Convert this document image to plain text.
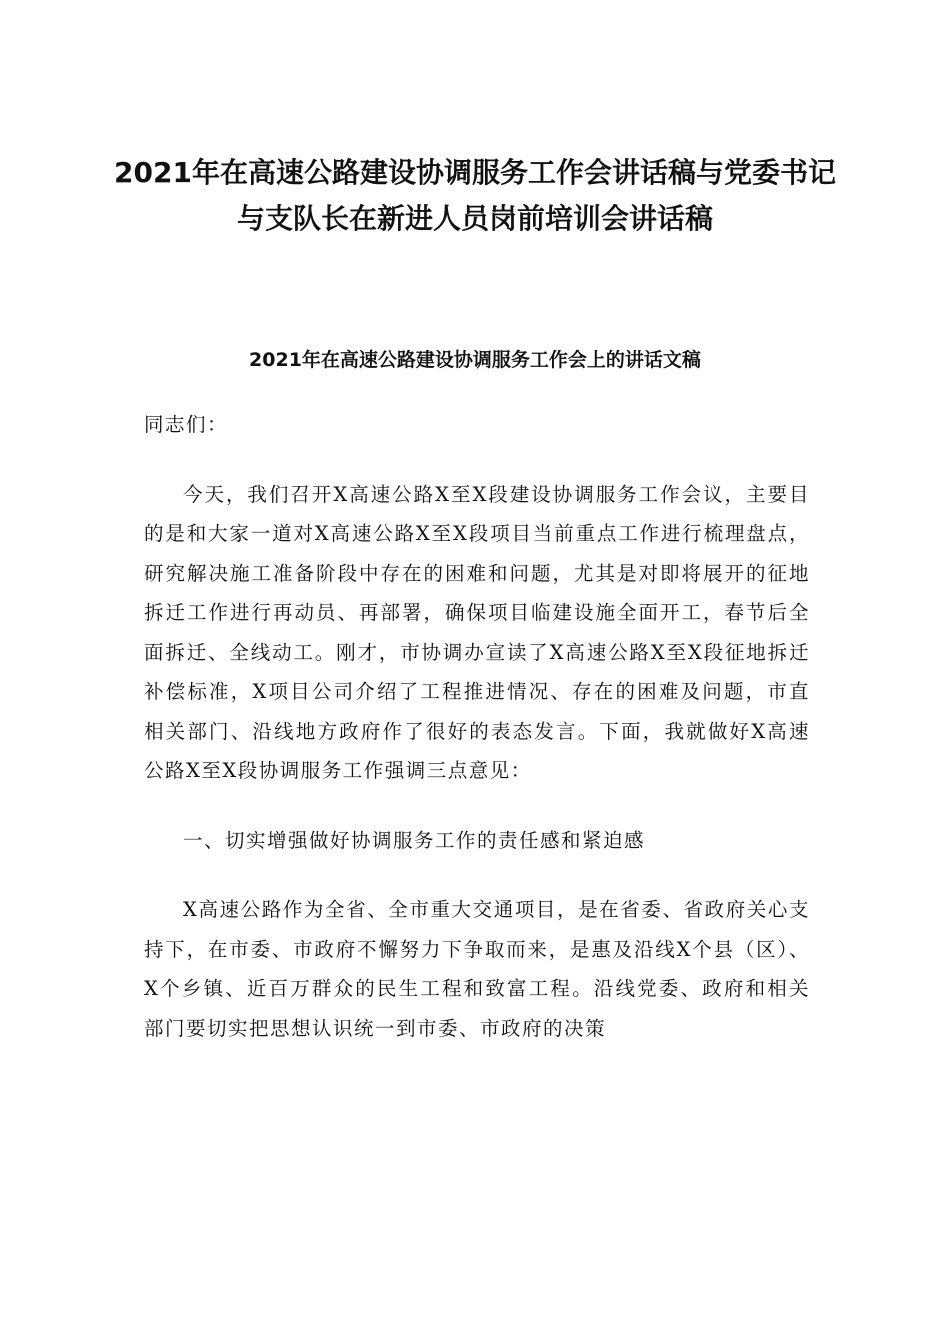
2021年在高速公路建设协调服务工作会讲话稿与党委书记与支队长在新进人员岗前培训会讲话稿
2021年在高速公路建设协调服务工作会上的讲话文稿

同志们：

今天，我们召开X高速公路X至X段建设协调服务工作会议，主要目的是和大家一道对X高速公路X至X段项目当前重点工作进行梳理盘点，研究解决施工准备阶段中存在的困难和问题，尤其是对即将展开的征地拆迁工作进行再动员、再部署，确保项目临建设施全面开工，春节后全面拆迁、全线动工。刚才，市协调办宣读了X高速公路X至X段征地拆迁补偿标准，X项目公司介绍了工程推进情况、存在的困难及问题，市直相关部门、沿线地方政府作了很好的表态发言。下面，我就做好X高速公路X至X段协调服务工作强调三点意见：

一、切实增强做好协调服务工作的责任感和紧迫感

X高速公路作为全省、全市重大交通项目，是在省委、省政府关心支持下，在市委、市政府不懈努力下争取而来，是惠及沿线X个县（区）、X个乡镇、近百万群众的民生工程和致富工程。沿线党委、政府和相关部门要切实把思想认识统一到市委、市政府的决策
